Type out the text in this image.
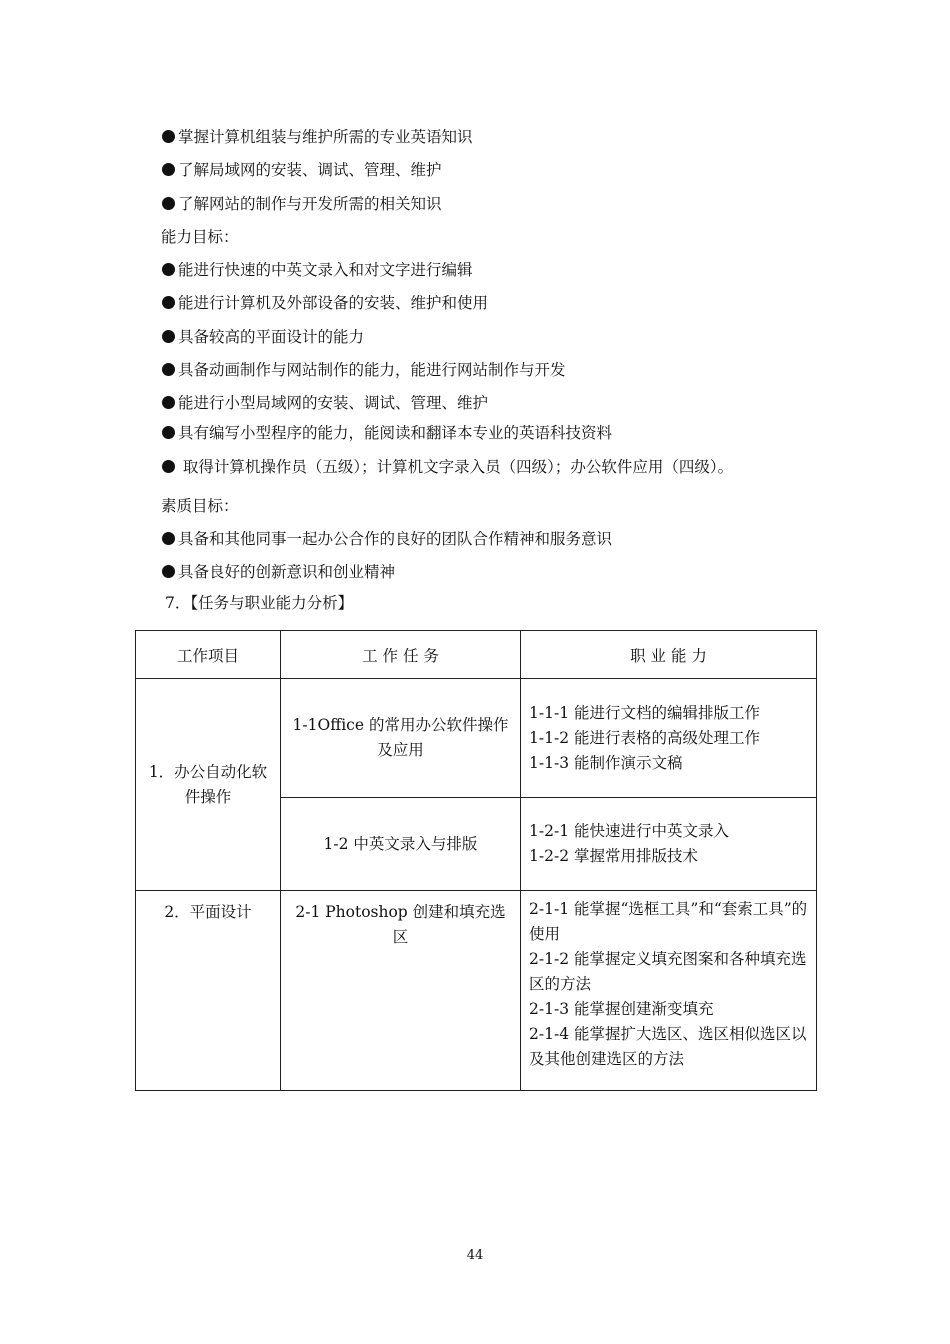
掌握计算机组装与维护所需的专业英语知识
了解局域网的安装、调试、管理、维护
了解网站的制作与开发所需的相关知识
能力目标：
能进行快速的中英文录入和对文字进行编辑
能进行计算机及外部设备的安装、维护和使用
具备较高的平面设计的能力
具备动画制作与网站制作的能力，能进行网站制作与开发
能进行小型局域网的安装、调试、管理、维护
具有编写小型程序的能力，能阅读和翻译本专业的英语科技资料
取得计算机操作员（五级）；计算机文字录入员（四级）；办公软件应用（四级）。
素质目标：
具备和其他同事一起办公合作的良好的团队合作精神和服务意识
具备良好的创新意识和创业精神
7．【任务与职业能力分析】
工作项目	工 作 任 务	职 业 能 力
1．办公自动化软件操作	1-1Office 的常用办公软件操作及应用	1-1-1 能进行文档的编辑排版工作
1-1-2 能进行表格的高级处理工作
1-1-3 能制作演示文稿

	1-2 中英文录入与排版	1-2-1 能快速进行中英文录入
1-2-2 掌握常用排版技术

2．平面设计	2-1 Photoshop 创建和填充选区	2-1-1 能掌握“选框工具”和“套索工具”的使用
2-1-2 能掌握定义填充图案和各种填充选区的方法
2-1-3 能掌握创建渐变填充
2-1-4 能掌握扩大选区、选区相似选区以及其他创建选区的方法
44
